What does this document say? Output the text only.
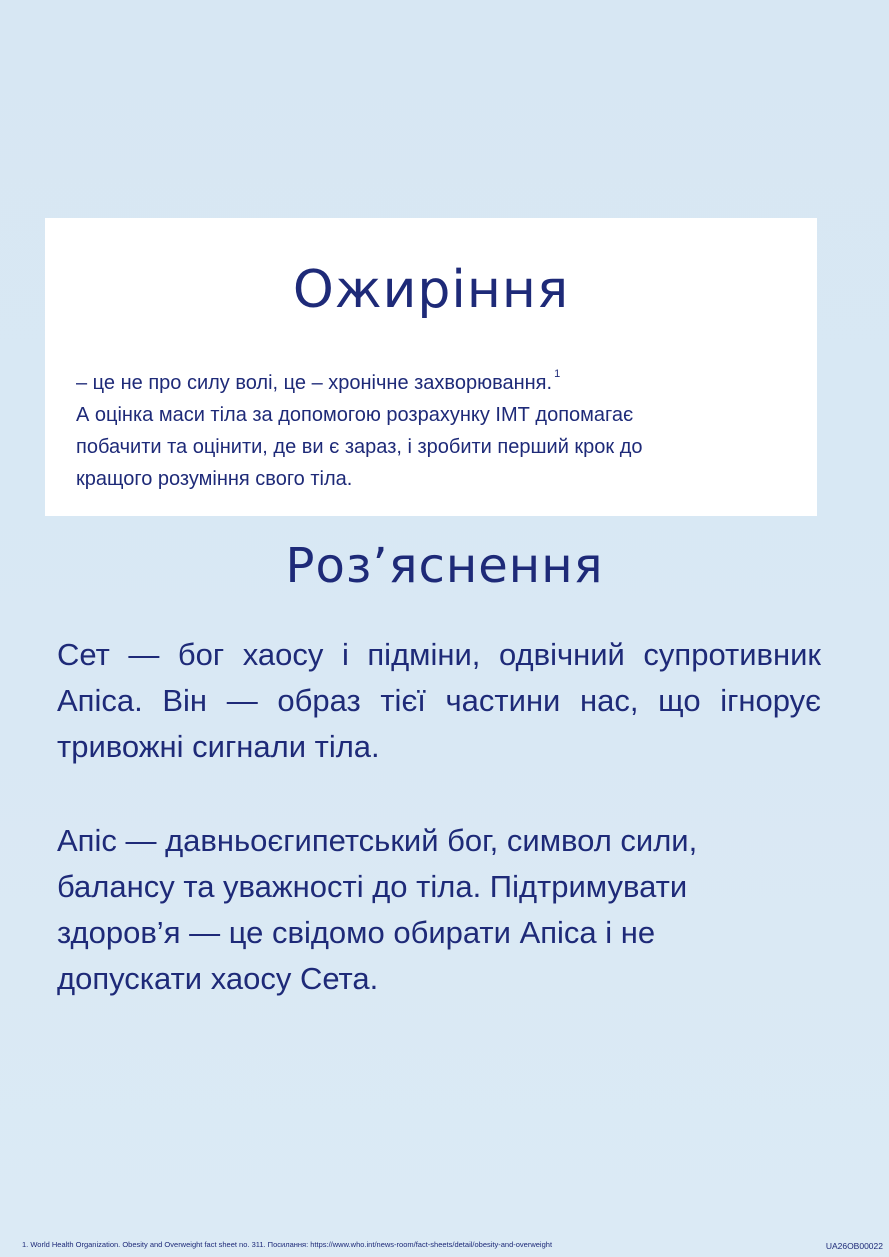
Ожиріння

– це не про силу волі, це – хронічне захворювання. $^1$

А оцінка маси тіла за допомогою розрахунку ІМТ допомагає

побачити та оцінити, де ви є зараз, і зробити перший крок до

кращого розуміння свого тіла.

Роз’яснення

Сет — бог хаосу і підміни, одвічний супротивник Апіса. Він — образ тієї частини нас, що ігнорує тривожні сигнали тіла.

Апіс — давньоєгипетський бог, символ сили, балансу та уважності до тіла. Підтримувати здоров’я — це свідомо обирати Апіса і не допускати хаосу Сета.

1. World Health Organization. Obesity and Overweight fact sheet no. 311. Посилання: https://www.who.int/news-room/fact-sheets/detail/obesity-and-overweight	UA26OB00022
